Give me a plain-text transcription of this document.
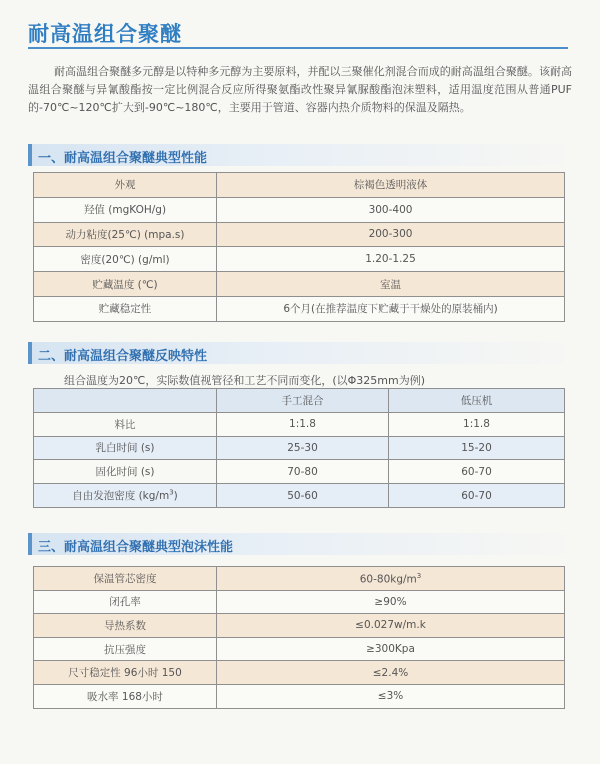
耐高温组合聚醚
耐高温组合聚醚多元醇是以特种多元醇为主要原料，并配以三聚催化剂混合而成的耐高温组合聚醚。该耐高温组合聚醚与异氰酸酯按一定比例混合反应所得聚氨酯改性聚异氰脲酸酯泡沫塑料，适用温度范围从普通PUF的-70℃~120℃扩大到-90℃~180℃，主要用于管道、容器内热介质物料的保温及隔热。
一、耐高温组合聚醚典型性能
外观	棕褐色透明液体
羟值 (mgKOH/g)	300-400
动力粘度(25℃) (mpa.s)	200-300
密度(20℃) (g/ml)	1.20-1.25
贮藏温度 (℃)	室温
贮藏稳定性	6个月(在推荐温度下贮藏于干燥处的原装桶内)
二、耐高温组合聚醚反映特性
组合温度为20℃，实际数值视管径和工艺不同而变化，(以Φ325mm为例)
	手工混合	低压机
料比	1:1.8	1:1.8
乳白时间 (s)	25-30	15-20
固化时间 (s)	70-80	60-70
自由发泡密度 $(kg/m^3)$	50-60	60-70
三、耐高温组合聚醚典型泡沫性能
保温管芯密度	$60-80kg/m^3$
闭孔率	≥90%
导热系数	≤0.027w/m.k
抗压强度	≥300Kpa
尺寸稳定性 96小时 150	≤2.4%
吸水率 168小时	≤3%
